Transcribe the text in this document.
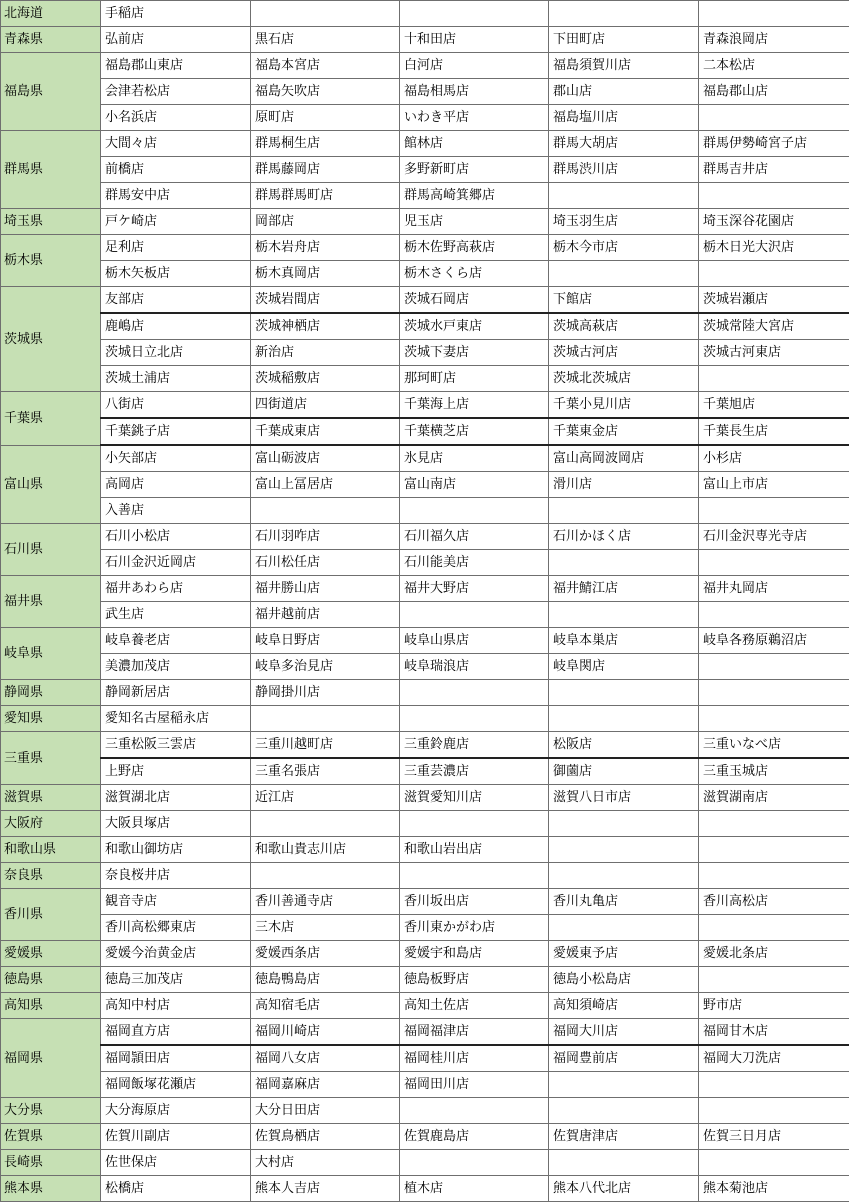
北海道	手稲店				
青森県	弘前店	黒石店	十和田店	下田町店	青森浪岡店
福島県	福島郡山東店	福島本宮店	白河店	福島須賀川店	二本松店
	会津若松店	福島矢吹店	福島相馬店	郡山店	福島郡山店
	小名浜店	原町店	いわき平店	福島塩川店	
群馬県	大間々店	群馬桐生店	館林店	群馬大胡店	群馬伊勢崎宮子店
	前橋店	群馬藤岡店	多野新町店	群馬渋川店	群馬吉井店
	群馬安中店	群馬群馬町店	群馬高崎箕郷店		
埼玉県	戸ケ崎店	岡部店	児玉店	埼玉羽生店	埼玉深谷花園店
栃木県	足利店	栃木岩舟店	栃木佐野高萩店	栃木今市店	栃木日光大沢店
	栃木矢板店	栃木真岡店	栃木さくら店		
茨城県	友部店	茨城岩間店	茨城石岡店	下館店	茨城岩瀬店
	鹿嶋店	茨城神栖店	茨城水戸東店	茨城高萩店	茨城常陸大宮店
	茨城日立北店	新治店	茨城下妻店	茨城古河店	茨城古河東店
	茨城土浦店	茨城稲敷店	那珂町店	茨城北茨城店	
千葉県	八街店	四街道店	千葉海上店	千葉小見川店	千葉旭店
	千葉銚子店	千葉成東店	千葉横芝店	千葉東金店	千葉長生店
富山県	小矢部店	富山砺波店	氷見店	富山高岡波岡店	小杉店
	高岡店	富山上冨居店	富山南店	滑川店	富山上市店
	入善店				
石川県	石川小松店	石川羽咋店	石川福久店	石川かほく店	石川金沢専光寺店
	石川金沢近岡店	石川松任店	石川能美店		
福井県	福井あわら店	福井勝山店	福井大野店	福井鯖江店	福井丸岡店
	武生店	福井越前店			
岐阜県	岐阜養老店	岐阜日野店	岐阜山県店	岐阜本巣店	岐阜各務原鵜沼店
	美濃加茂店	岐阜多治見店	岐阜瑞浪店	岐阜関店	
静岡県	静岡新居店	静岡掛川店			
愛知県	愛知名古屋稲永店				
三重県	三重松阪三雲店	三重川越町店	三重鈴鹿店	松阪店	三重いなべ店
	上野店	三重名張店	三重芸濃店	御薗店	三重玉城店
滋賀県	滋賀湖北店	近江店	滋賀愛知川店	滋賀八日市店	滋賀湖南店
大阪府	大阪貝塚店				
和歌山県	和歌山御坊店	和歌山貴志川店	和歌山岩出店		
奈良県	奈良桜井店				
香川県	観音寺店	香川善通寺店	香川坂出店	香川丸亀店	香川高松店
	香川高松郷東店	三木店	香川東かがわ店		
愛媛県	愛媛今治黄金店	愛媛西条店	愛媛宇和島店	愛媛東予店	愛媛北条店
徳島県	徳島三加茂店	徳島鴨島店	徳島板野店	徳島小松島店	
高知県	高知中村店	高知宿毛店	高知土佐店	高知須崎店	野市店
福岡県	福岡直方店	福岡川崎店	福岡福津店	福岡大川店	福岡甘木店
	福岡頴田店	福岡八女店	福岡桂川店	福岡豊前店	福岡大刀洗店
	福岡飯塚花瀬店	福岡嘉麻店	福岡田川店		
大分県	大分海原店	大分日田店			
佐賀県	佐賀川副店	佐賀鳥栖店	佐賀鹿島店	佐賀唐津店	佐賀三日月店
長崎県	佐世保店	大村店			
熊本県	松橋店	熊本人吉店	植木店	熊本八代北店	熊本菊池店
